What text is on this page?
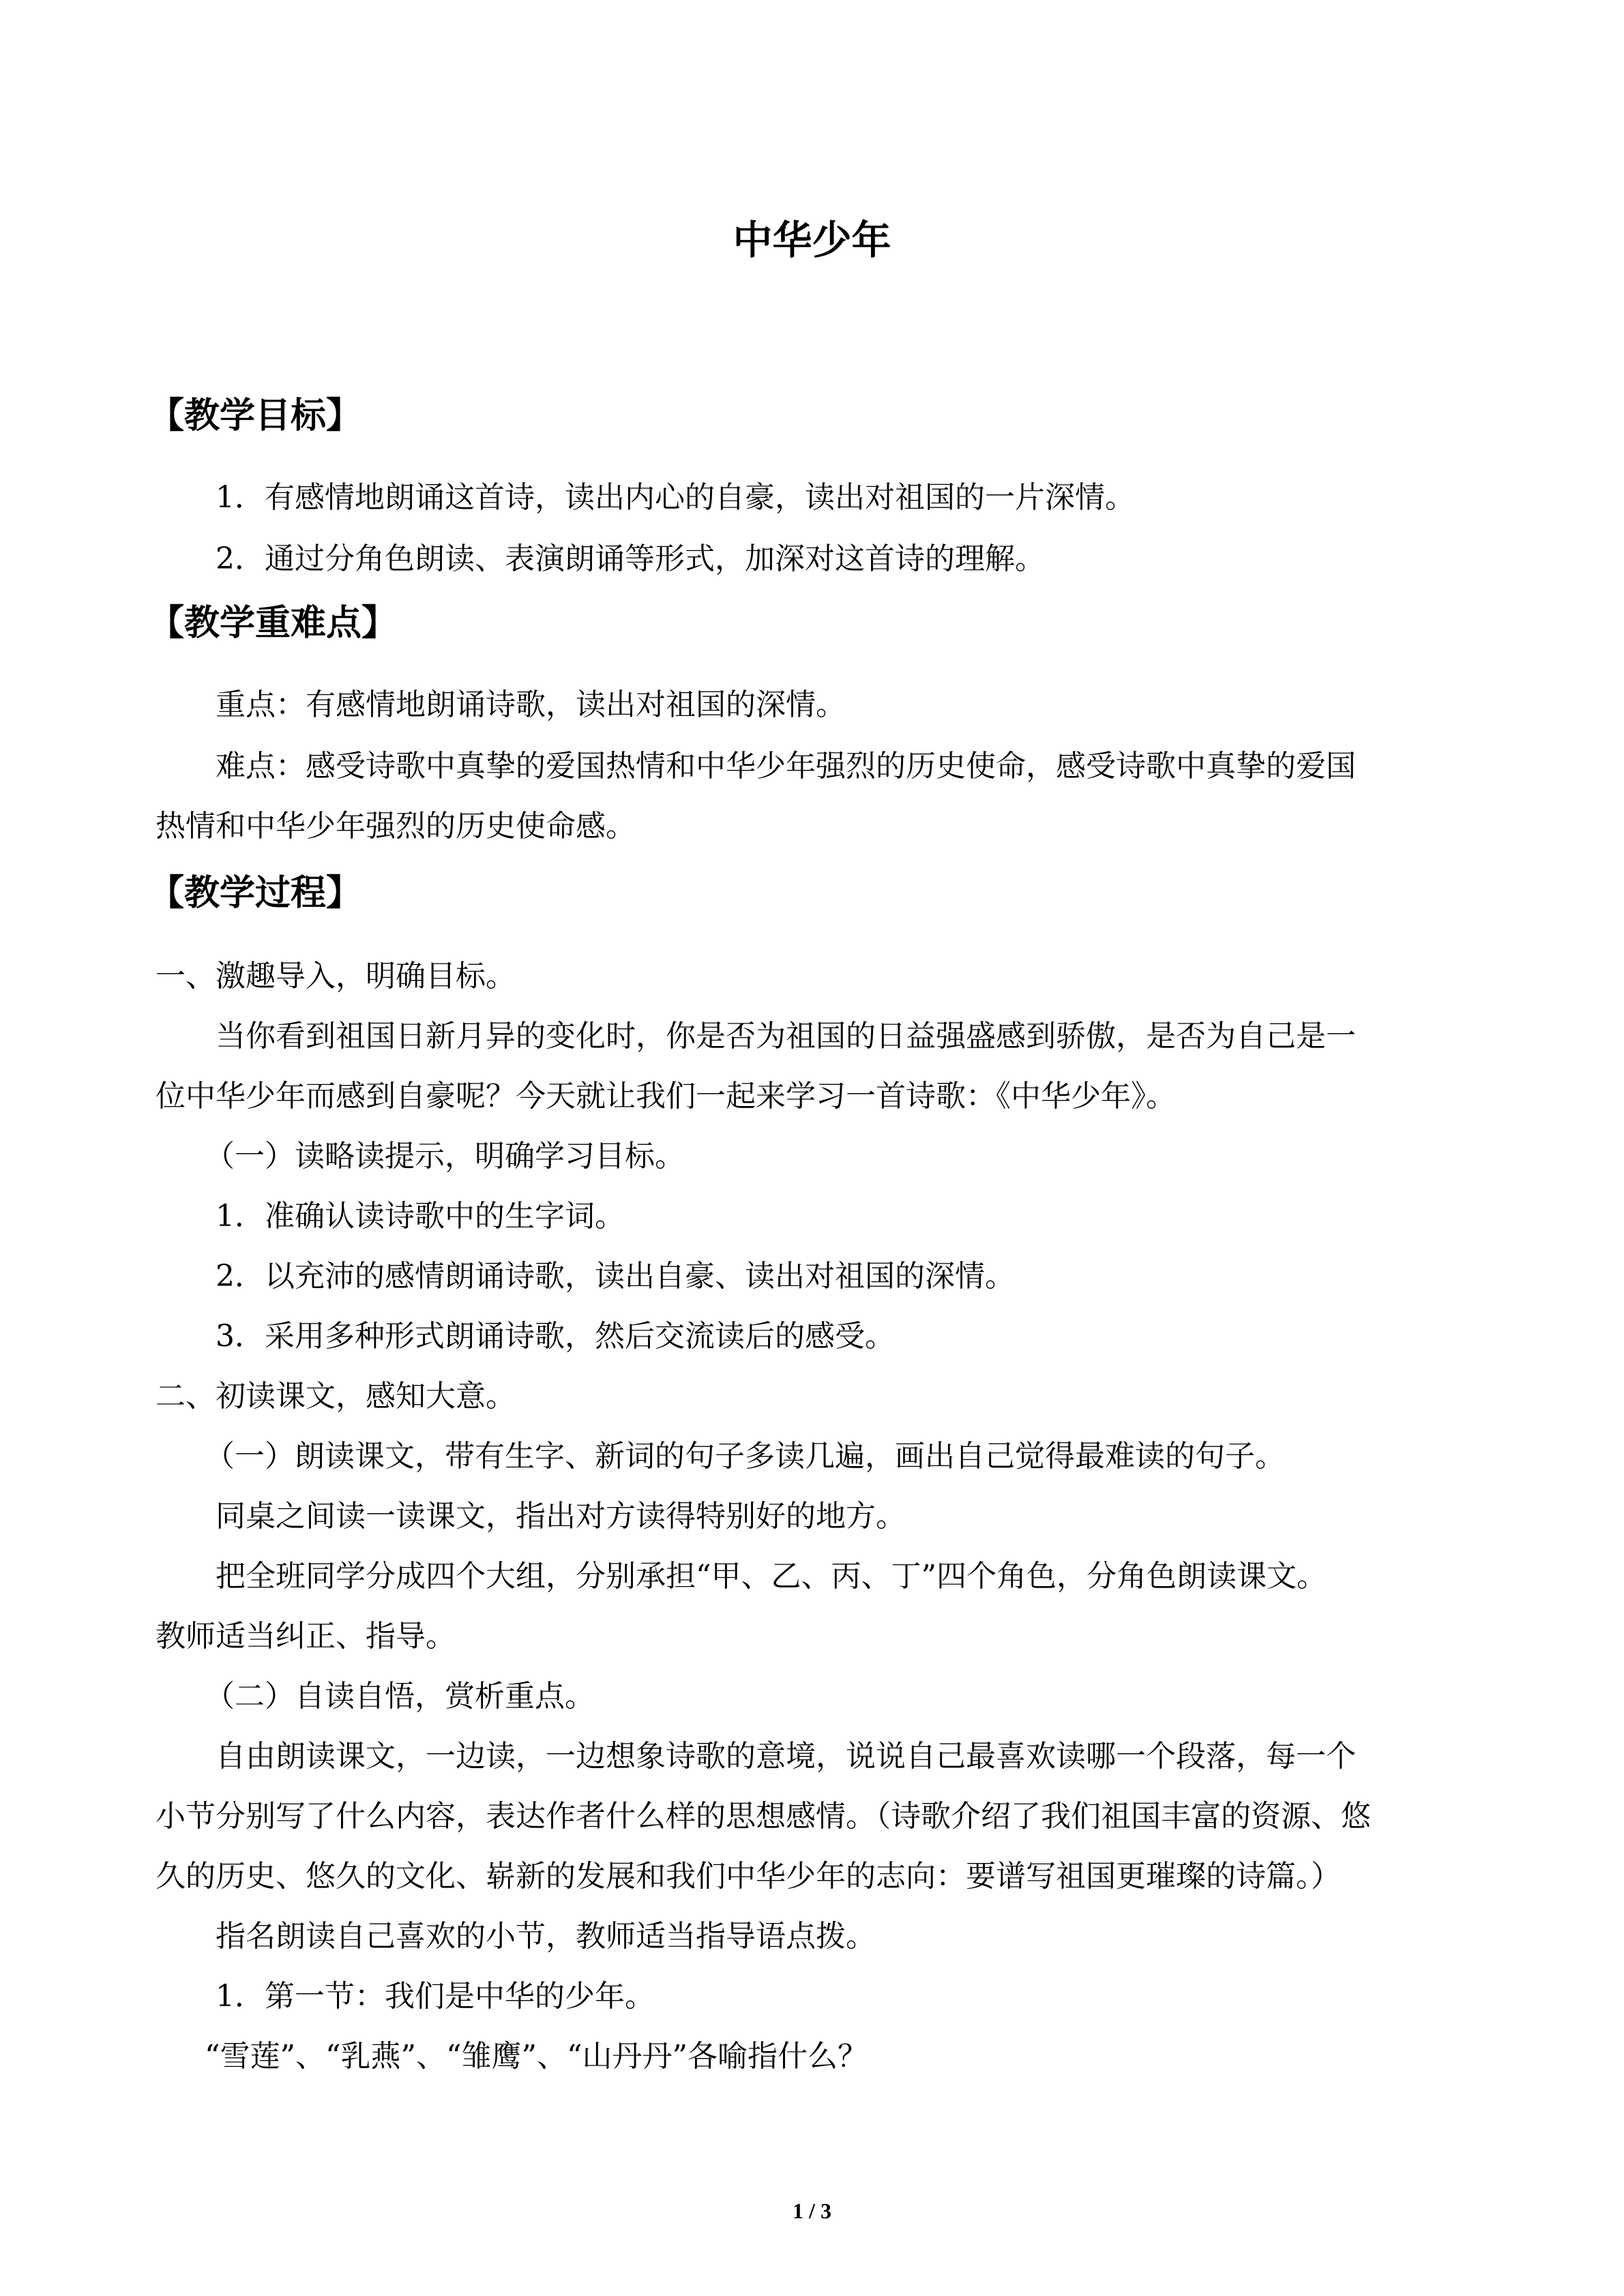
中华少年
【教学目标】
1．有感情地朗诵这首诗，读出内心的自豪，读出对祖国的一片深情。
2．通过分角色朗读、表演朗诵等形式，加深对这首诗的理解。
【教学重难点】
重点：有感情地朗诵诗歌，读出对祖国的深情。
难点：感受诗歌中真挚的爱国热情和中华少年强烈的历史使命，感受诗歌中真挚的爱国
热情和中华少年强烈的历史使命感。
【教学过程】
一、激趣导入，明确目标。
当你看到祖国日新月异的变化时，你是否为祖国的日益强盛感到骄傲，是否为自己是一
位中华少年而感到自豪呢？今天就让我们一起来学习一首诗歌：《中华少年》。
（一）读略读提示，明确学习目标。
1．准确认读诗歌中的生字词。
2．以充沛的感情朗诵诗歌，读出自豪、读出对祖国的深情。
3．采用多种形式朗诵诗歌，然后交流读后的感受。
二、初读课文，感知大意。
（一）朗读课文，带有生字、新词的句子多读几遍，画出自己觉得最难读的句子。
同桌之间读一读课文，指出对方读得特别好的地方。
把全班同学分成四个大组，分别承担“甲、乙、丙、丁”四个角色，分角色朗读课文。
教师适当纠正、指导。
（二）自读自悟，赏析重点。
自由朗读课文，一边读，一边想象诗歌的意境，说说自己最喜欢读哪一个段落，每一个
小节分别写了什么内容，表达作者什么样的思想感情。（诗歌介绍了我们祖国丰富的资源、悠
久的历史、悠久的文化、崭新的发展和我们中华少年的志向：要谱写祖国更璀璨的诗篇。）
指名朗读自己喜欢的小节，教师适当指导语点拨。
1．第一节：我们是中华的少年。
“雪莲”、“乳燕”、“雏鹰”、“山丹丹”各喻指什么？
1 / 3
